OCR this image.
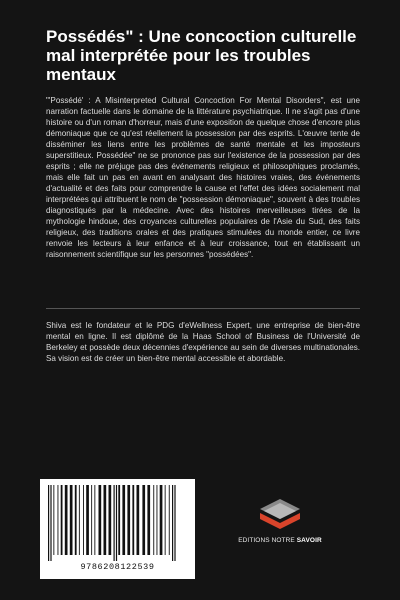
Possédés" : Une concoction culturelle mal interprétée pour les troubles mentaux

"'Possédé' : A Misinterpreted Cultural Concoction For Mental Disorders", est une narration factuelle dans le domaine de la littérature psychiatrique. Il ne s'agit pas d'une histoire ou d'un roman d'horreur, mais d'une exposition de quelque chose d'encore plus démoniaque que ce qu'est réellement la possession par des esprits. L'œuvre tente de disséminer les liens entre les problèmes de santé mentale et les imposteurs superstitieux. Possédée" ne se prononce pas sur l'existence de la possession par des esprits ; elle ne préjuge pas des événements religieux et philosophiques proclamés, mais elle fait un pas en avant en analysant des histoires vraies, des événements d'actualité et des faits pour comprendre la cause et l'effet des idées socialement mal interprétées qui attribuent le nom de "possession démoniaque", souvent à des troubles diagnostiqués par la médecine. Avec des histoires merveilleuses tirées de la mythologie hindoue, des croyances culturelles populaires de l'Asie du Sud, des faits religieux, des traditions orales et des pratiques stimulées du monde entier, ce livre renvoie les lecteurs à leur enfance et à leur croissance, tout en établissant un raisonnement scientifique sur les personnes "possédées".

Shiva est le fondateur et le PDG d'eWellness Expert, une entreprise de bien-être mental en ligne. Il est diplômé de la Haas School of Business de l'Université de Berkeley et possède deux décennies d'expérience au sein de diverses multinationales. Sa vision est de créer un bien-être mental accessible et abordable.

9786208122539
EDITIONS NOTRE SAVOIR
